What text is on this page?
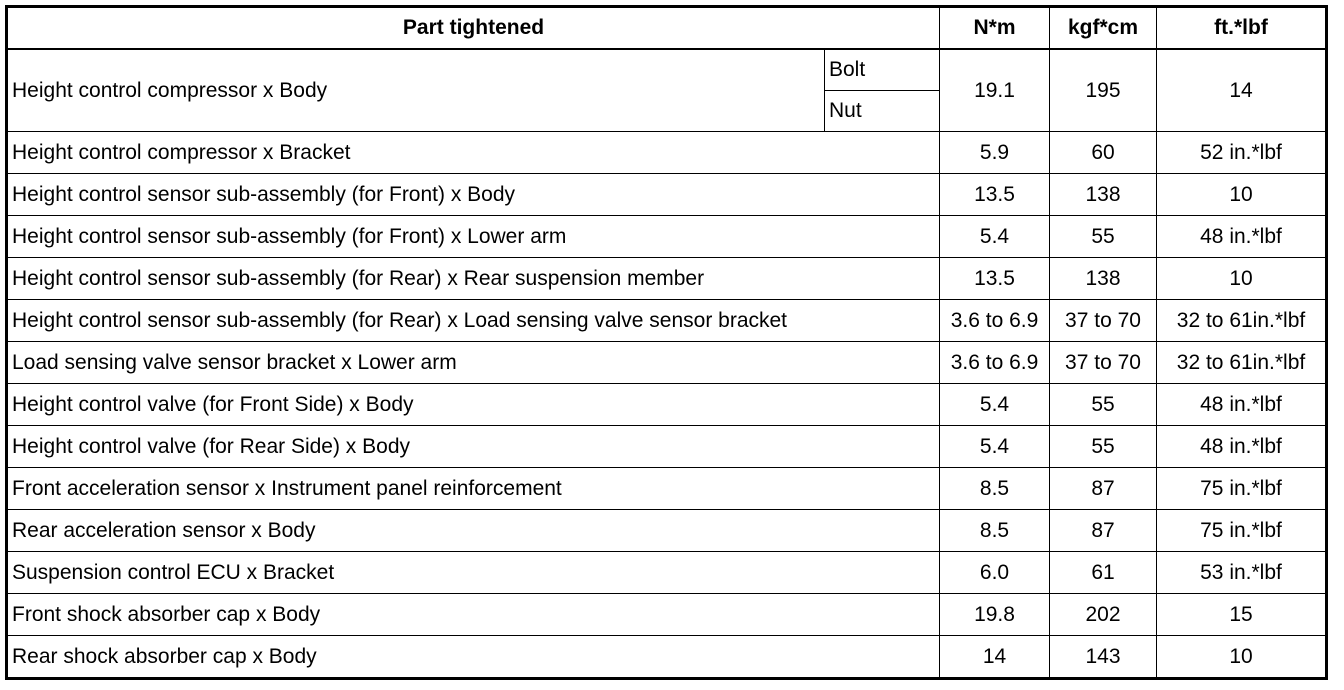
Part tightened		N*m	kgf*cm	ft.*lbf
Height control compressor x Body	Bolt	19.1	195	14
	Nut			
Height control compressor x Bracket		5.9	60	52 in.*lbf
Height control sensor sub-assembly (for Front) x Body		13.5	138	10
Height control sensor sub-assembly (for Front) x Lower arm		5.4	55	48 in.*lbf
Height control sensor sub-assembly (for Rear) x Rear suspension member		13.5	138	10
Height control sensor sub-assembly (for Rear) x Load sensing valve sensor bracket		3.6 to 6.9	37 to 70	32 to 61in.*lbf
Load sensing valve sensor bracket x Lower arm		3.6 to 6.9	37 to 70	32 to 61in.*lbf
Height control valve (for Front Side) x Body		5.4	55	48 in.*lbf
Height control valve (for Rear Side) x Body		5.4	55	48 in.*lbf
Front acceleration sensor x Instrument panel reinforcement		8.5	87	75 in.*lbf
Rear acceleration sensor x Body		8.5	87	75 in.*lbf
Suspension control ECU x Bracket		6.0	61	53 in.*lbf
Front shock absorber cap x Body		19.8	202	15
Rear shock absorber cap x Body		14	143	10
